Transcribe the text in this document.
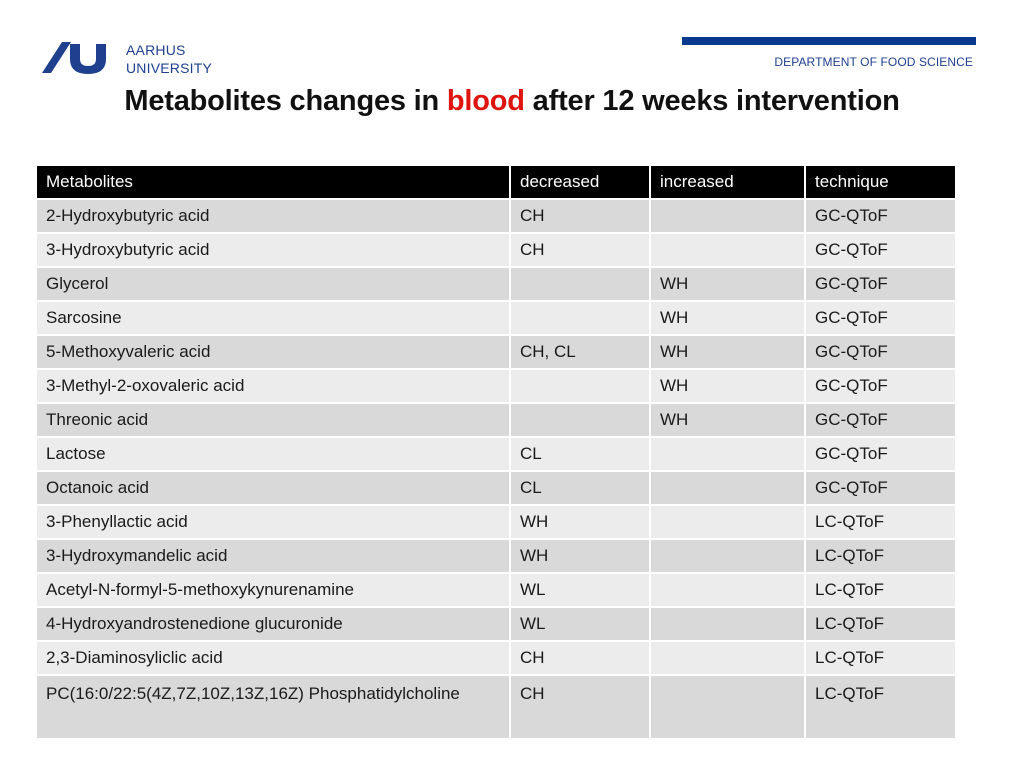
AARHUS
UNIVERSITY	DEPARTMENT OF FOOD SCIENCE
Metabolites changes in blood after 12 weeks intervention
Metabolites	decreased	increased	technique
2-Hydroxybutyric acid	CH		GC-QToF
3-Hydroxybutyric acid	CH		GC-QToF
Glycerol		WH	GC-QToF
Sarcosine		WH	GC-QToF
5-Methoxyvaleric acid	CH, CL	WH	GC-QToF
3-Methyl-2-oxovaleric acid		WH	GC-QToF
Threonic acid		WH	GC-QToF
Lactose	CL		GC-QToF
Octanoic acid	CL		GC-QToF
3-Phenyllactic acid	WH		LC-QToF
3-Hydroxymandelic acid	WH		LC-QToF
Acetyl-N-formyl-5-methoxykynurenamine	WL		LC-QToF
4-Hydroxyandrostenedione glucuronide	WL		LC-QToF
2,3-Diaminosyliclic acid	CH		LC-QToF
PC(16:0/22:5(4Z,7Z,10Z,13Z,16Z) Phosphatidylcholine	CH		LC-QToF
